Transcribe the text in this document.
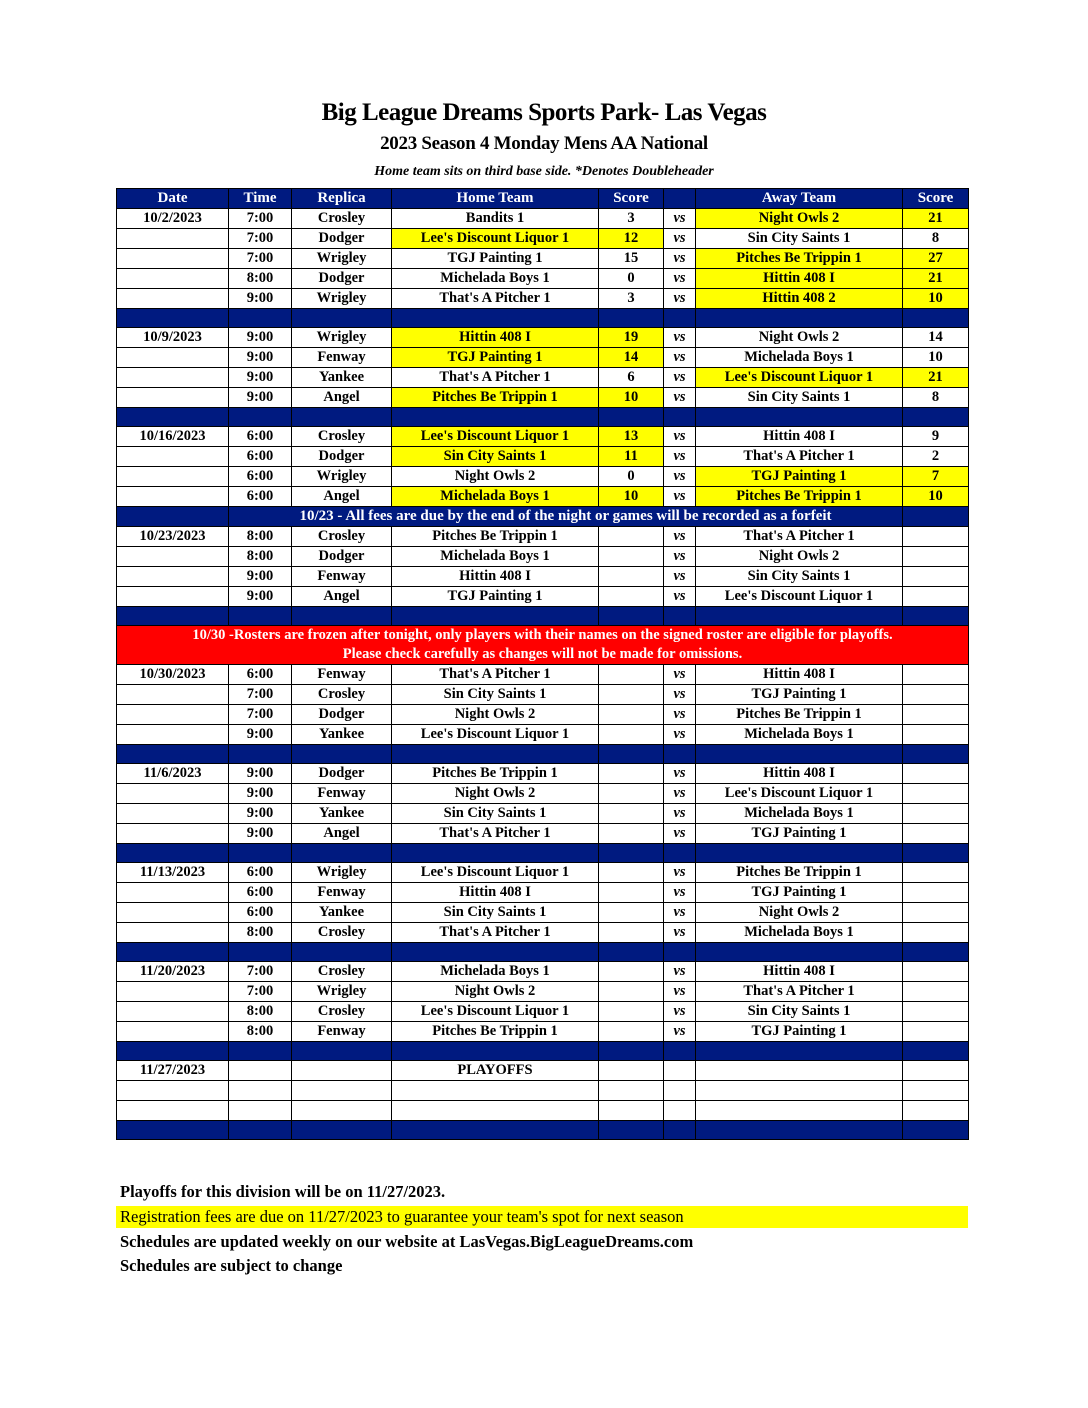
Big League Dreams Sports Park- Las Vegas
2023 Season 4 Monday Mens AA National
Home team sits on third base side. *Denotes Doubleheader
Date	Time	Replica	Home Team	Score		Away Team	Score
10/2/2023	7:00	Crosley	Bandits 1	3	vs	Night Owls 2	21
	7:00	Dodger	Lee's Discount Liquor 1	12	vs	Sin City Saints 1	8
	7:00	Wrigley	TGJ Painting 1	15	vs	Pitches Be Trippin 1	27
	8:00	Dodger	Michelada Boys 1	0	vs	Hittin 408 I	21
	9:00	Wrigley	That's A Pitcher 1	3	vs	Hittin 408 2	10

10/9/2023	9:00	Wrigley	Hittin 408 I	19	vs	Night Owls 2	14
	9:00	Fenway	TGJ Painting 1	14	vs	Michelada Boys 1	10
	9:00	Yankee	That's A Pitcher 1	6	vs	Lee's Discount Liquor 1	21
	9:00	Angel	Pitches Be Trippin 1	10	vs	Sin City Saints 1	8

10/16/2023	6:00	Crosley	Lee's Discount Liquor 1	13	vs	Hittin 408 I	9
	6:00	Dodger	Sin City Saints 1	11	vs	That's A Pitcher 1	2
	6:00	Wrigley	Night Owls 2	0	vs	TGJ Painting 1	7
	6:00	Angel	Michelada Boys 1	10	vs	Pitches Be Trippin 1	10
	10/23 - All fees are due by the end of the night or games will be recorded as a forfeit						
10/23/2023	8:00	Crosley	Pitches Be Trippin 1		vs	That's A Pitcher 1	
	8:00	Dodger	Michelada Boys 1		vs	Night Owls 2	
	9:00	Fenway	Hittin 408 I		vs	Sin City Saints 1	
	9:00	Angel	TGJ Painting 1		vs	Lee's Discount Liquor 1	

10/30 -Rosters are frozen after tonight, only players with their names on the signed roster are eligible for playoffs.
Please check carefully as changes will not be made for omissions.							

10/30/2023	6:00	Fenway	That's A Pitcher 1		vs	Hittin 408 I	
	7:00	Crosley	Sin City Saints 1		vs	TGJ Painting 1	
	7:00	Dodger	Night Owls 2		vs	Pitches Be Trippin 1	
	9:00	Yankee	Lee's Discount Liquor 1		vs	Michelada Boys 1	

11/6/2023	9:00	Dodger	Pitches Be Trippin 1		vs	Hittin 408 I	
	9:00	Fenway	Night Owls 2		vs	Lee's Discount Liquor 1	
	9:00	Yankee	Sin City Saints 1		vs	Michelada Boys 1	
	9:00	Angel	That's A Pitcher 1		vs	TGJ Painting 1	

11/13/2023	6:00	Wrigley	Lee's Discount Liquor 1		vs	Pitches Be Trippin 1	
	6:00	Fenway	Hittin 408 I		vs	TGJ Painting 1	
	6:00	Yankee	Sin City Saints 1		vs	Night Owls 2	
	8:00	Crosley	That's A Pitcher 1		vs	Michelada Boys 1	

11/20/2023	7:00	Crosley	Michelada Boys 1		vs	Hittin 408 I	
	7:00	Wrigley	Night Owls 2		vs	That's A Pitcher 1	
	8:00	Crosley	Lee's Discount Liquor 1		vs	Sin City Saints 1	
	8:00	Fenway	Pitches Be Trippin 1		vs	TGJ Painting 1	

11/27/2023			PLAYOFFS				

Playoffs for this division will be on 11/27/2023.
Registration fees are due on 11/27/2023 to guarantee your team's spot for next season
Schedules are updated weekly on our website at LasVegas.BigLeagueDreams.com
Schedules are subject to change
